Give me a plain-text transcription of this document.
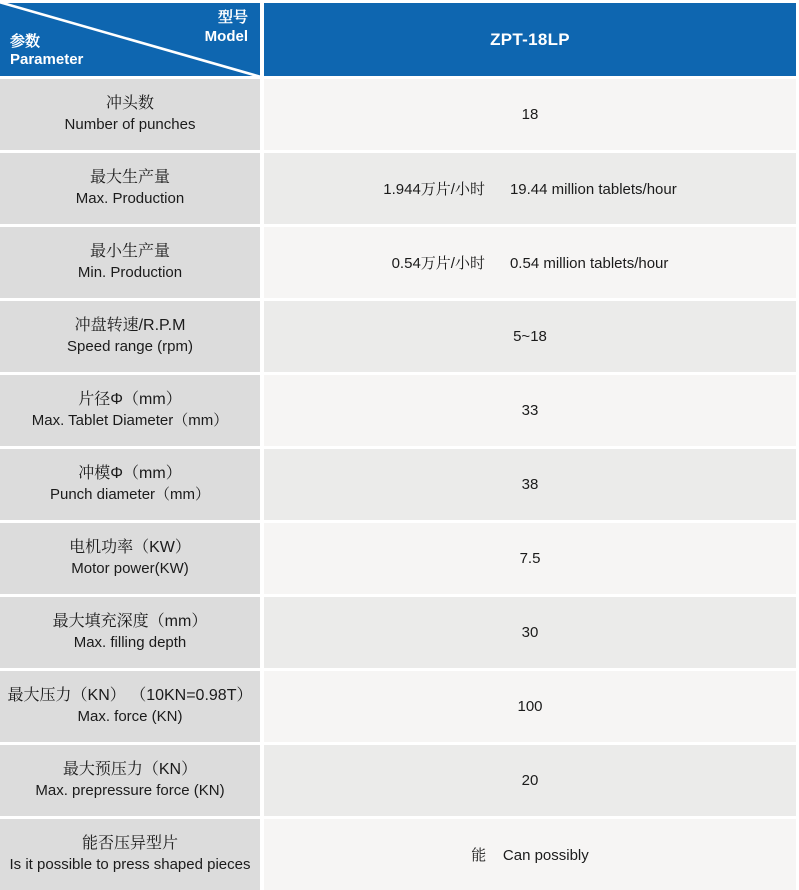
型号
Model
参数
Parameter
ZPT-18LP
冲头数
Number of punches
18
最大生产量
Max. Production
1.944万片/小时      19.44 million tablets/hour
最小生产量
Min. Production
0.54万片/小时      0.54 million tablets/hour
冲盘转速/R.P.M
Speed range (rpm)
5~18
片径Φ（mm）
Max. Tablet Diameter（mm）
33
冲模Φ（mm）
Punch diameter（mm）
38
电机功率（KW）
Motor power(KW)
7.5
最大填充深度（mm）
Max. filling depth
30
最大压力（KN） （10KN=0.98T）
Max. force (KN)
100
最大预压力（KN）
Max. prepressure force (KN)
20
能否压异型片
Is it possible to press shaped pieces
能    Can possibly
